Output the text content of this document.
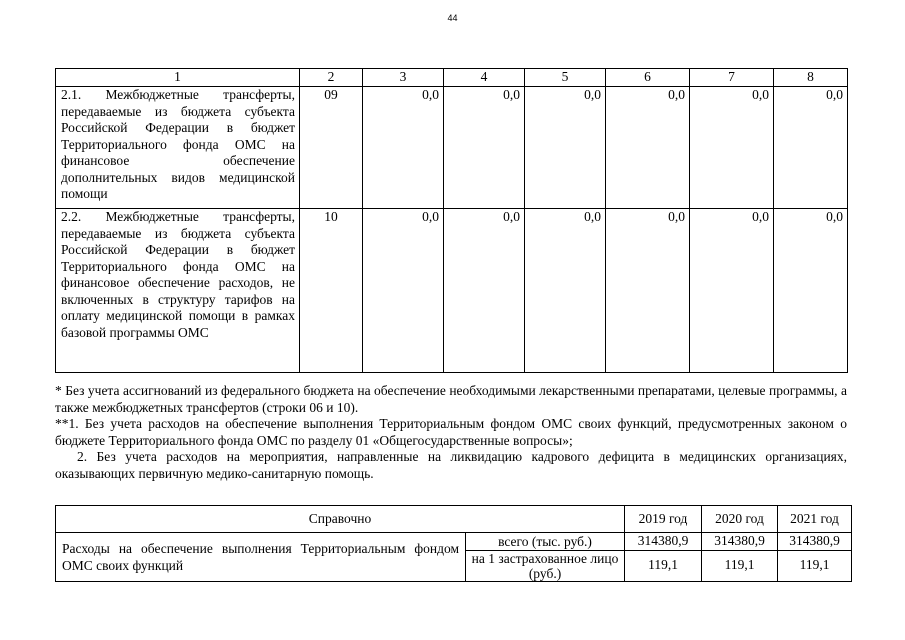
44
1	2	3	4	5	6	7	8
2.1. Межбюджетные трансферты, передаваемые из бюджета субъекта Российской Федерации в бюджет Территориального фонда ОМС на финансовое обеспечение дополнительных видов медицинской помощи	09	0,0	0,0	0,0	0,0	0,0	0,0
2.2. Межбюджетные трансферты, передаваемые из бюджета субъекта Российской Федерации в бюджет Территориального фонда ОМС на финансовое обеспечение расходов, не включенных в структуру тарифов на оплату медицинской помощи в рамках базовой программы ОМС	10	0,0	0,0	0,0	0,0	0,0	0,0

* Без учета ассигнований из федерального бюджета на обеспечение необходимыми лекарственными препаратами, целевые программы, а также межбюджетных трансфертов (строки 06 и 10).

**1. Без учета расходов на обеспечение выполнения Территориальным фондом ОМС своих функций, предусмотренных законом о бюджете Территориального фонда ОМС по разделу 01 «Общегосударственные вопросы»;

2. Без учета расходов на мероприятия, направленные на ликвидацию кадрового дефицита в медицинских организациях, оказывающих первичную медико-санитарную помощь.

Справочно		2019 год	2020 год	2021 год
Расходы на обеспечение выполнения Территориальным фондом ОМС своих функций	всего (тыс. руб.)	314380,9	314380,9	314380,9
	на 1 застрахованное лицо (руб.)	119,1	119,1	119,1
